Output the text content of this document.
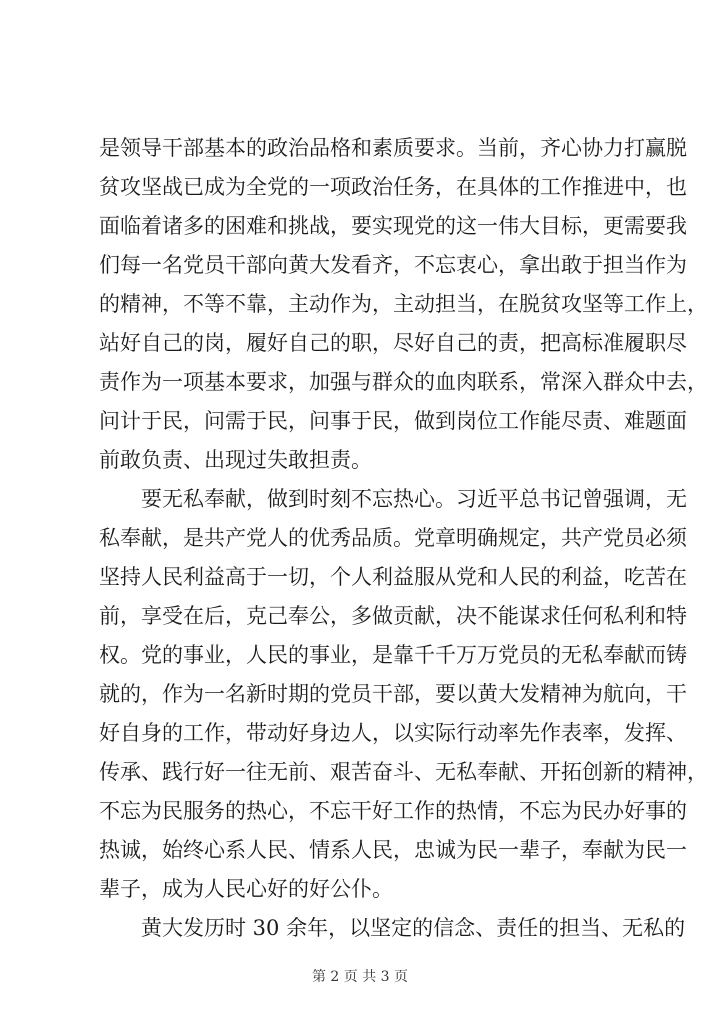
是领导干部基本的政治品格和素质要求。当前，齐心协力打赢脱
贫攻坚战已成为全党的一项政治任务，在具体的工作推进中，也
面临着诸多的困难和挑战，要实现党的这一伟大目标，更需要我
们每一名党员干部向黄大发看齐，不忘衷心，拿出敢于担当作为
的精神，不等不靠，主动作为，主动担当，在脱贫攻坚等工作上，
站好自己的岗，履好自己的职，尽好自己的责，把高标准履职尽
责作为一项基本要求，加强与群众的血肉联系，常深入群众中去，
问计于民，问需于民，问事于民，做到岗位工作能尽责、难题面
前敢负责、出现过失敢担责。
要无私奉献，做到时刻不忘热心。习近平总书记曾强调，无
私奉献，是共产党人的优秀品质。党章明确规定，共产党员必须
坚持人民利益高于一切，个人利益服从党和人民的利益，吃苦在
前，享受在后，克己奉公，多做贡献，决不能谋求任何私利和特
权。党的事业，人民的事业，是靠千千万万党员的无私奉献而铸
就的，作为一名新时期的党员干部，要以黄大发精神为航向，干
好自身的工作，带动好身边人，以实际行动率先作表率，发挥、
传承、践行好一往无前、艰苦奋斗、无私奉献、开拓创新的精神，
不忘为民服务的热心，不忘干好工作的热情，不忘为民办好事的
热诚，始终心系人民、情系人民，忠诚为民一辈子，奉献为民一
辈子，成为人民心好的好公仆。
黄大发历时 30 余年，以坚定的信念、责任的担当、无私的
第 2 页 共 3 页
